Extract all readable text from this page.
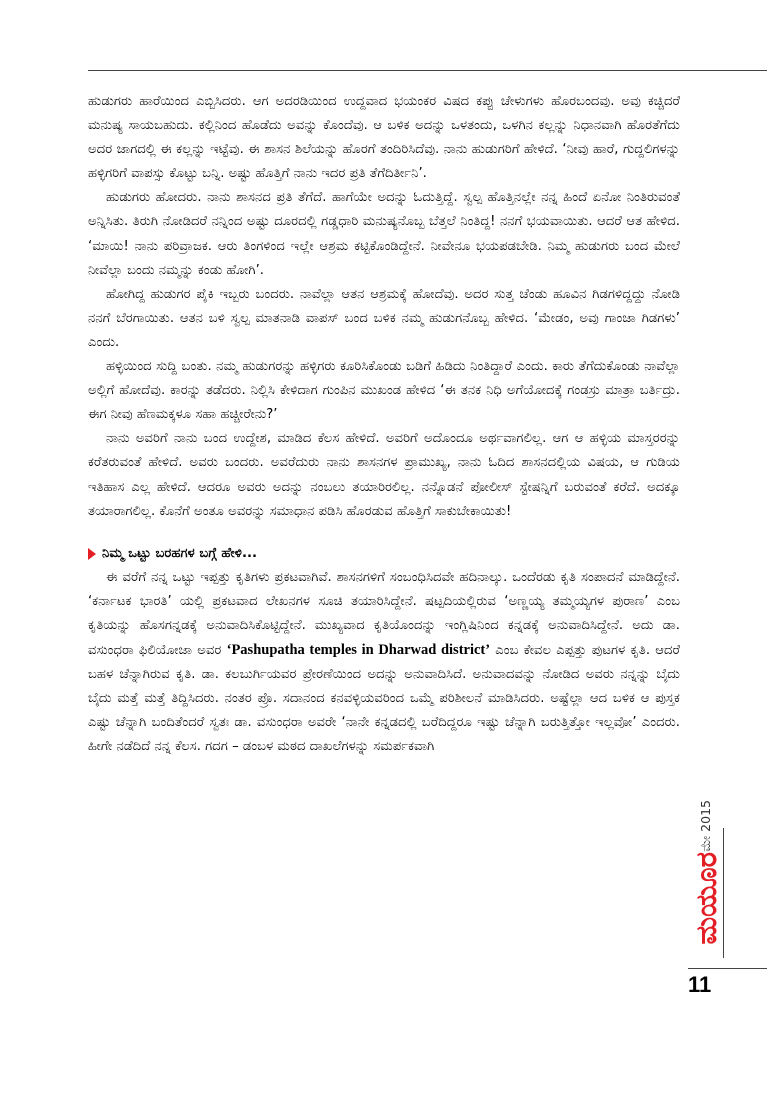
ಹುಡುಗರು ಹಾರೆಯಿಂದ ಎಬ್ಬಿಸಿದರು. ಆಗ ಅದರಡಿಯಿಂದ ಉದ್ದವಾದ ಭಯಂಕರ ವಿಷದ ಕಪ್ಪು ಚೇಳುಗಳು ಹೊರಬಂದವು. ಅವು ಕಚ್ಚಿದರೆ ಮನುಷ್ಯ ಸಾಯಬಹುದು. ಕಲ್ಲಿನಿಂದ ಹೊಡೆದು ಅವನ್ನು ಕೊಂದೆವು. ಆ ಬಳಿಕ ಅದನ್ನು ಒಳತಂದು, ಒಳಗಿನ ಕಲ್ಲನ್ನು ನಿಧಾನವಾಗಿ ಹೊರತೆಗೆದು ಅದರ ಜಾಗದಲ್ಲಿ ಈ ಕಲ್ಲನ್ನು ಇಟ್ಟೆವು. ಈ ಶಾಸನ ಶಿಲೆಯನ್ನು ಹೊರಗೆ ತಂದಿರಿಸಿದೆವು. ನಾನು ಹುಡುಗರಿಗೆ ಹೇಳಿದೆ. ‘ನೀವು ಹಾರೆ, ಗುದ್ದಲಿಗಳನ್ನು ಹಳ್ಳಿಗರಿಗೆ ವಾಪಸ್ಸು ಕೊಟ್ಟು ಬನ್ನಿ. ಅಷ್ಟು ಹೊತ್ತಿಗೆ ನಾನು ಇದರ ಪ್ರತಿ ತೆಗೆದಿರ್ತೀನಿ’.

ಹುಡುಗರು ಹೋದರು. ನಾನು ಶಾಸನದ ಪ್ರತಿ ತೆಗೆದೆ. ಹಾಗೆಯೇ ಅದನ್ನು ಓದುತ್ತಿದ್ದೆ. ಸ್ವಲ್ಪ ಹೊತ್ತಿನಲ್ಲೇ ನನ್ನ ಹಿಂದೆ ಏನೋ ನಿಂತಿರುವಂತೆ ಅನ್ನಿಸಿತು. ತಿರುಗಿ ನೋಡಿದರೆ ನನ್ನಿಂದ ಅಷ್ಟು ದೂರದಲ್ಲಿ ಗಡ್ಡಧಾರಿ ಮನುಷ್ಯನೊಬ್ಬ ಬೆತ್ತಲೆ ನಿಂತಿದ್ದ! ನನಗೆ ಭಯವಾಯಿತು. ಆದರೆ ಆತ ಹೇಳಿದ. ‘ಮಾಯಿ! ನಾನು ಪರಿವ್ರಾಜಕ. ಆರು ತಿಂಗಳಿಂದ ಇಲ್ಲೇ ಆಶ್ರಮ ಕಟ್ಟಿಕೊಂಡಿದ್ದೇನೆ. ನೀವೇನೂ ಭಯಪಡಬೇಡಿ. ನಿಮ್ಮ ಹುಡುಗರು ಬಂದ ಮೇಲೆ ನೀವೆಲ್ಲಾ ಬಂದು ನಮ್ಮನ್ನು ಕಂಡು ಹೋಗಿ’.

ಹೋಗಿದ್ದ ಹುಡುಗರ ಪೈಕಿ ಇಬ್ಬರು ಬಂದರು. ನಾವೆಲ್ಲಾ ಆತನ ಆಶ್ರಮಕ್ಕೆ ಹೋದೆವು. ಅದರ ಸುತ್ತ ಚೆಂಡು ಹೂವಿನ ಗಿಡಗಳಿದ್ದದ್ದು ನೋಡಿ ನನಗೆ ಬೆರಗಾಯಿತು. ಆತನ ಬಳಿ ಸ್ವಲ್ಪ ಮಾತನಾಡಿ ವಾಪಸ್ ಬಂದ ಬಳಿಕ ನಮ್ಮ ಹುಡುಗನೊಬ್ಬ ಹೇಳಿದ. ‘ಮೇಡಂ, ಅವು ಗಾಂಜಾ ಗಿಡಗಳು’ ಎಂದು.

ಹಳ್ಳಿಯಿಂದ ಸುದ್ದಿ ಬಂತು. ನಮ್ಮ ಹುಡುಗರನ್ನು ಹಳ್ಳಿಗರು ಕೂರಿಸಿಕೊಂಡು ಬಡಿಗೆ ಹಿಡಿದು ನಿಂತಿದ್ದಾರೆ ಎಂದು. ಕಾರು ತೆಗೆದುಕೊಂಡು ನಾವೆಲ್ಲಾ ಅಲ್ಲಿಗೆ ಹೋದೆವು. ಕಾರನ್ನು ತಡೆದರು. ನಿಲ್ಲಿಸಿ ಕೇಳಿದಾಗ ಗುಂಪಿನ ಮುಖಂಡ ಹೇಳಿದ ‘ಈ ತನಕ ನಿಧಿ ಅಗೆಯೋದಕ್ಕೆ ಗಂಡಸ್ರು ಮಾತ್ರಾ ಬರ್ತಿದ್ರು. ಈಗ ನೀವು ಹೆಣಮಕ್ಕಳೂ ಸಹಾ ಹಚ್ಚೀರೇನು?’

ನಾನು ಅವರಿಗೆ ನಾನು ಬಂದ ಉದ್ದೇಶ, ಮಾಡಿದ ಕೆಲಸ ಹೇಳಿದೆ. ಅವರಿಗೆ ಅದೊಂದೂ ಅರ್ಥವಾಗಲಿಲ್ಲ. ಆಗ ಆ ಹಳ್ಳಿಯ ಮಾಸ್ತರರನ್ನು ಕರೆತರುವಂತೆ ಹೇಳಿದೆ. ಅವರು ಬಂದರು. ಅವರೆದುರು ನಾನು ಶಾಸನಗಳ ಪ್ರಾಮುಖ್ಯ, ನಾನು ಓದಿದ ಶಾಸನದಲ್ಲಿಯ ವಿಷಯ, ಆ ಗುಡಿಯ ಇತಿಹಾಸ ಎಲ್ಲ ಹೇಳಿದೆ. ಆದರೂ ಅವರು ಅದನ್ನು ನಂಬಲು ತಯಾರಿರಲಿಲ್ಲ. ನನ್ನೊಡನೆ ಪೋಲೀಸ್ ಸ್ಟೇಷನ್ನಿಗೆ ಬರುವಂತೆ ಕರೆದೆ. ಅದಕ್ಕೂ ತಯಾರಾಗಲಿಲ್ಲ. ಕೊನೆಗೆ ಅಂತೂ ಅವರನ್ನು ಸಮಾಧಾನ ಪಡಿಸಿ ಹೊರಡುವ ಹೊತ್ತಿಗೆ ಸಾಕುಬೇಕಾಯಿತು!

ನಿಮ್ಮ ಒಟ್ಟು ಬರಹಗಳ ಬಗ್ಗೆ ಹೇಳಿ...

ಈ ವರೆಗೆ ನನ್ನ ಒಟ್ಟು ಇಪ್ಪತ್ತು ಕೃತಿಗಳು ಪ್ರಕಟವಾಗಿವೆ. ಶಾಸನಗಳಿಗೆ ಸಂಬಂಧಿಸಿದವೇ ಹದಿನಾಲ್ಕು. ಒಂದೆರಡು ಕೃತಿ ಸಂಪಾದನೆ ಮಾಡಿದ್ದೇನೆ. ‘ಕರ್ನಾಟಕ ಭಾರತಿ’ ಯಲ್ಲಿ ಪ್ರಕಟವಾದ ಲೇಖನಗಳ ಸೂಚಿ ತಯಾರಿಸಿದ್ದೇನೆ. ಷಟ್ಪದಿಯಲ್ಲಿರುವ ‘ಅಣ್ಣಯ್ಯ ತಮ್ಮಯ್ಯಗಳ ಪುರಾಣ’ ಎಂಬ ಕೃತಿಯನ್ನು ಹೊಸಗನ್ನಡಕ್ಕೆ ಅನುವಾದಿಸಿಕೊಟ್ಟಿದ್ದೇನೆ. ಮುಖ್ಯವಾದ ಕೃತಿಯೊಂದನ್ನು ಇಂಗ್ಲಿಷಿನಿಂದ ಕನ್ನಡಕ್ಕೆ ಅನುವಾದಿಸಿದ್ದೇನೆ. ಅದು ಡಾ. ವಸುಂಧರಾ ಫಿಲಿಯೋಜಾ ಅವರ ‘Pashupatha temples in Dharwad district’ ಎಂಬ ಕೇವಲ ಎಪ್ಪತ್ತು ಪುಟಗಳ ಕೃತಿ. ಆದರೆ ಬಹಳ ಚೆನ್ನಾಗಿರುವ ಕೃತಿ. ಡಾ. ಕಲಬುರ್ಗಿಯವರ ಪ್ರೇರಣೆಯಿಂದ ಅದನ್ನು ಅನುವಾದಿಸಿದೆ. ಅನುವಾದವನ್ನು ನೋಡಿದ ಅವರು ನನ್ನನ್ನು ಬೈದು ಬೈದು ಮತ್ತೆ ಮತ್ತೆ ತಿದ್ದಿಸಿದರು. ನಂತರ ಪ್ರೊ. ಸದಾನಂದ ಕನವಳ್ಳಿಯವರಿಂದ ಒಮ್ಮೆ ಪರಿಶೀಲನೆ ಮಾಡಿಸಿದರು. ಅಷ್ಟೆಲ್ಲಾ ಆದ ಬಳಿಕ ಆ ಪುಸ್ತಕ ಎಷ್ಟು ಚೆನ್ನಾಗಿ ಬಂದಿತೆಂದರೆ ಸ್ವತಃ ಡಾ. ವಸುಂಧರಾ ಅವರೇ ‘ನಾನೇ ಕನ್ನಡದಲ್ಲಿ ಬರೆದಿದ್ದರೂ ಇಷ್ಟು ಚೆನ್ನಾಗಿ ಬರುತ್ತಿತ್ತೋ ಇಲ್ಲವೋ’ ಎಂದರು. ಹೀಗೇ ನಡೆದಿದೆ ನನ್ನ ಕೆಲಸ. ಗದಗ – ಡಂಬಳ ಮಠದ ದಾಖಲೆಗಳನ್ನು ಸಮರ್ಪಕವಾಗಿ

ಮೇ 2015
ಮಯೂರ
11
